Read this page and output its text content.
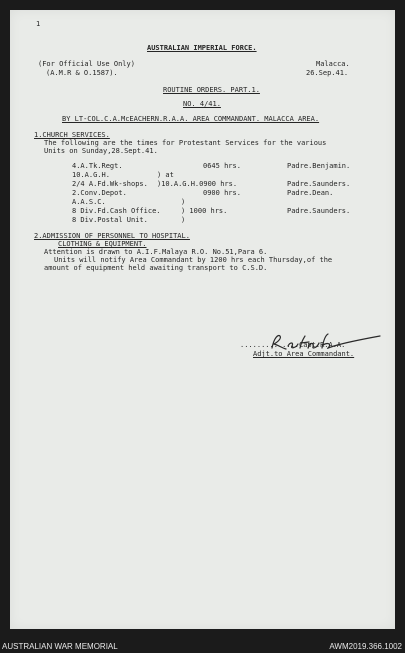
1
AUSTRALIAN IMPERIAL FORCE.
(For Official Use Only)
(A.M.R & O.1587).
Malacca.
26.Sep.41.
ROUTINE ORDERS. PART.1.
NO. 4/41.
BY LT-COL.C.A.McEACHERN.R.A.A. AREA COMMANDANT. MALACCA AREA.
1.CHURCH SERVICES.
The following are the times for Protestant Services for the various
Units on Sunday,28.Sept.41.
4.A.Tk.Regt.	0645 hrs.	Padre.Benjamin.
10.A.G.H.	) at
2/4 A.Fd.Wk-shops. )10.A.G.H.0900 hrs.	Padre.Saunders.
2.Conv.Depot.	0900 hrs.	Padre.Dean.
A.A.S.C.	)
8 Div.Fd.Cash Office.	) 1000 hrs.	Padre.Saunders.
8 Div.Postal Unit.	)
2.ADMISSION OF PERSONNEL TO HOSPITAL.
CLOTHING & EQUIPMENT.
Attention is drawn to A.I.F.Malaya R.O. No.51,Para 6.
Units will notify Area Commandant by 1200 hrs each Thursday,of the
amount of equipment held awaiting transport to C.S.D.
..............Capt.R.A.A.
Adjt.to Area Commandant.
AUSTRALIAN WAR MEMORIAL	AWM2019.366.1002
